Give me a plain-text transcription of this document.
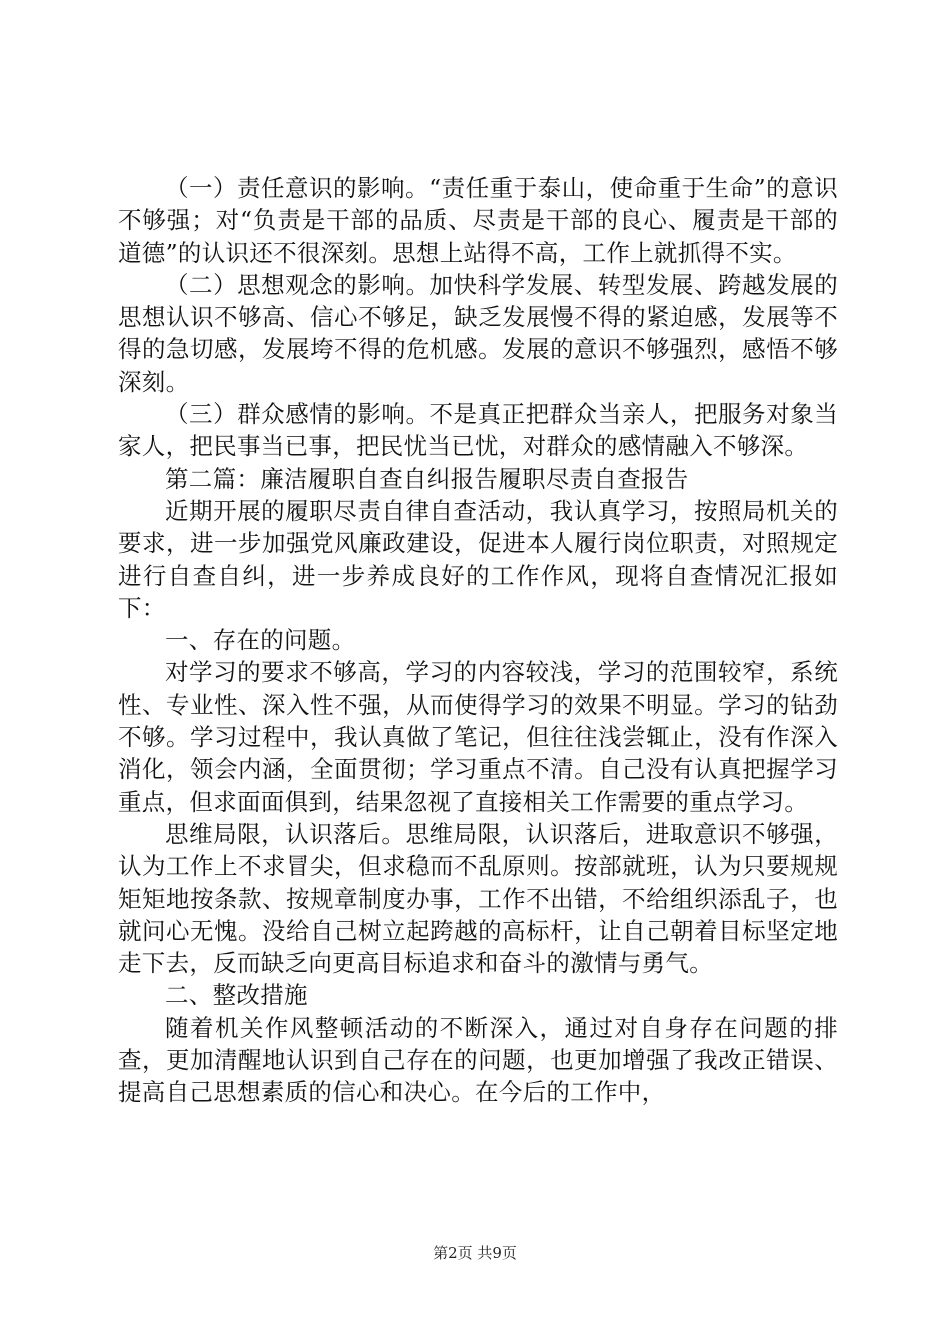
（一）责任意识的影响。“责任重于泰山，使命重于生命”的意识不够强；对“负责是干部的品质、尽责是干部的良心、履责是干部的道德”的认识还不很深刻。思想上站得不高，工作上就抓得不实。

（二）思想观念的影响。加快科学发展、转型发展、跨越发展的思想认识不够高、信心不够足，缺乏发展慢不得的紧迫感，发展等不得的急切感，发展垮不得的危机感。发展的意识不够强烈，感悟不够深刻。

（三）群众感情的影响。不是真正把群众当亲人，把服务对象当家人，把民事当已事，把民忧当已忧，对群众的感情融入不够深。

第二篇：廉洁履职自查自纠报告履职尽责自查报告

近期开展的履职尽责自律自查活动，我认真学习，按照局机关的要求，进一步加强党风廉政建设，促进本人履行岗位职责，对照规定进行自查自纠，进一步养成良好的工作作风，现将自查情况汇报如下：

一、存在的问题。

对学习的要求不够高，学习的内容较浅，学习的范围较窄，系统性、专业性、深入性不强，从而使得学习的效果不明显。学习的钻劲不够。学习过程中，我认真做了笔记，但往往浅尝辄止，没有作深入消化，领会内涵，全面贯彻；学习重点不清。自己没有认真把握学习重点，但求面面俱到，结果忽视了直接相关工作需要的重点学习。

思维局限，认识落后。思维局限，认识落后，进取意识不够强，认为工作上不求冒尖，但求稳而不乱原则。按部就班，认为只要规规矩矩地按条款、按规章制度办事，工作不出错，不给组织添乱子，也就问心无愧。没给自己树立起跨越的高标杆，让自己朝着目标坚定地走下去，反而缺乏向更高目标追求和奋斗的激情与勇气。

二、整改措施

随着机关作风整顿活动的不断深入，通过对自身存在问题的排查，更加清醒地认识到自己存在的问题，也更加增强了我改正错误、提高自己思想素质的信心和决心。在今后的工作中，

第2页 共9页
